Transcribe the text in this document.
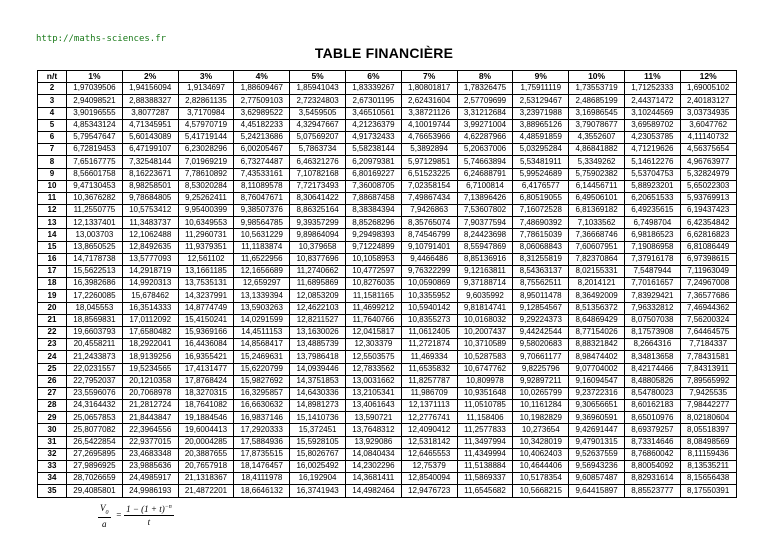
http://maths-sciences.fr
TABLE FINANCIÈRE
n/t	1%	2%	3%	4%	5%	6%	7%	8%	9%	10%	11%	12%
2	1,97039506	1,94156094	1,9134697	1,88609467	1,85941043	1,83339267	1,80801817	1,78326475	1,75911119	1,73553719	1,71252333	1,69005102
3	2,94098521	2,88388327	2,82861135	2,77509103	2,72324803	2,67301195	2,62431604	2,57709699	2,53129467	2,48685199	2,44371472	2,40183127
4	3,90196555	3,8077287	3,7170984	3,62989522	3,5459505	3,46510561	3,38721126	3,31212684	3,23971988	3,16986545	3,10244569	3,03734935
5	4,85343124	4,71345951	4,57970719	4,45182233	4,32947667	4,21236379	4,10019744	3,99271004	3,88965126	3,79078677	3,69589702	3,6047762
6	5,79547647	5,60143089	5,41719144	5,24213686	5,07569207	4,91732433	4,76653966	4,62287966	4,48591859	4,3552607	4,23053785	4,11140732
7	6,72819453	6,47199107	6,23028296	6,00205467	5,7863734	5,58238144	5,3892894	5,20637006	5,03295284	4,86841882	4,71219626	4,56375654
8	7,65167775	7,32548144	7,01969219	6,73274487	6,46321276	6,20979381	5,97129851	5,74663894	5,53481911	5,3349262	5,14612276	4,96763977
9	8,56601758	8,16223671	7,78610892	7,43533161	7,10782168	6,80169227	6,51523225	6,24688791	5,99524689	5,75902382	5,53704753	5,32824979
10	9,47130453	8,98258501	8,53020284	8,11089578	7,72173493	7,36008705	7,02358154	6,7100814	6,4176577	6,14456711	5,88923201	5,65022303
11	10,3676282	9,78684805	9,25262411	8,76047671	8,30641422	7,88687458	7,49867434	7,13896426	6,80519055	6,49506101	6,20651533	5,93769913
12	11,2550775	10,5753412	9,95400399	9,38507376	8,86325164	8,38384394	7,9426863	7,53607802	7,16072528	6,81369182	6,49235615	6,19437423
13	12,1337401	11,3483737	10,6349553	9,98564785	9,39357299	8,85268296	8,35765074	7,90377594	7,48690392	7,1033562	6,7498704	6,42354842
14	13,003703	12,1062488	11,2960731	10,5631229	9,89864094	9,29498393	8,74546799	8,24423698	7,78615039	7,36668746	6,98186523	6,62816823
15	13,8650525	12,8492635	11,9379351	11,1183874	10,379658	9,71224899	9,10791401	8,55947869	8,06068843	7,60607951	7,19086958	6,81086449
16	14,7178738	13,5777093	12,561102	11,6522956	10,8377696	10,1058953	9,4466486	8,85136916	8,31255819	7,82370864	7,37916178	6,97398615
17	15,5622513	14,2918719	13,1661185	12,1656689	11,2740662	10,4772597	9,76322299	9,12163811	8,54363137	8,02155331	7,5487944	7,11963049
18	16,3982686	14,9920313	13,7535131	12,659297	11,6895869	10,8276035	10,0590869	9,37188714	8,75562511	8,2014121	7,70161657	7,24967008
19	17,2260085	15,678462	14,3237991	13,1339394	12,0853209	11,1581165	10,3355952	9,6035992	8,95011478	8,36492009	7,83929421	7,36577686
20	18,045553	16,3514333	14,8774749	13,5903263	12,4622103	11,4699212	10,5940142	9,81814741	9,12854567	8,51356372	7,96332812	7,46944362
21	18,8569831	17,0112092	15,4150241	14,0291599	12,8211527	11,7640766	10,8355273	10,0168032	9,29224373	8,64869429	8,07507038	7,56200324
22	19,6603793	17,6580482	15,9369166	14,4511153	13,1630026	12,0415817	11,0612405	10,2007437	9,44242544	8,77154026	8,17573908	7,64464575
23	20,4558211	18,2922041	16,4436084	14,8568417	13,4885739	12,303379	11,2721874	10,3710589	9,58020683	8,88321842	8,2664316	7,7184337
24	21,2433873	18,9139256	16,9355421	15,2469631	13,7986418	12,5503575	11,469334	10,5287583	9,70661177	8,98474402	8,34813658	7,78431581
25	22,0231557	19,5234565	17,4131477	15,6220799	14,0939446	12,7833562	11,6535832	10,6747762	9,8225796	9,07704002	8,42174466	7,84313911
26	22,7952037	20,1210358	17,8768424	15,9827692	14,3751853	13,0031662	11,8257787	10,809978	9,92897211	9,16094547	8,48805826	7,89565992
27	23,5596076	20,7068978	18,3270315	16,3295857	14,6430336	13,2105341	11,986709	10,9351648	10,0265799	9,23722316	8,54780023	7,9425535
28	24,3164432	21,2812724	18,7641082	16,6630632	14,8981273	13,4061643	12,1371113	11,0510785	10,1161284	9,30656651	8,60162183	7,98442277
29	25,0657853	21,8443847	19,1884546	16,9837146	15,1410736	13,590721	12,2776741	11,158406	10,1982829	9,36960591	8,65010976	8,02180604
30	25,8077082	22,3964556	19,6004413	17,2920333	15,372451	13,7648312	12,4090412	11,2577833	10,273654	9,42691447	8,69379257	8,05518397
31	26,5422854	22,9377015	20,0004285	17,5884936	15,5928105	13,929086	12,5318142	11,3497994	10,3428019	9,47901315	8,73314646	8,08498569
32	27,2695895	23,4683348	20,3887655	17,8735515	15,8026767	14,0840434	12,6465553	11,4349994	10,4062403	9,52637559	8,76860042	8,11159436
33	27,9896925	23,9885636	20,7657918	18,1476457	16,0025492	14,2302296	12,75379	11,5138884	10,4644406	9,56943236	8,80054092	8,13535211
34	28,7026659	24,4985917	21,1318367	18,4111978	16,192904	14,3681411	12,8540094	11,5869337	10,5178354	9,60857487	8,82931614	8,15656438
35	29,4085801	24,9986193	21,4872201	18,6646132	16,3741943	14,4982464	12,9476723	11,6545682	10,5668215	9,64415897	8,85523777	8,17550391
$\frac{V_0}{a} = \frac{1 - (1 + t)^{-n}}{t}$
